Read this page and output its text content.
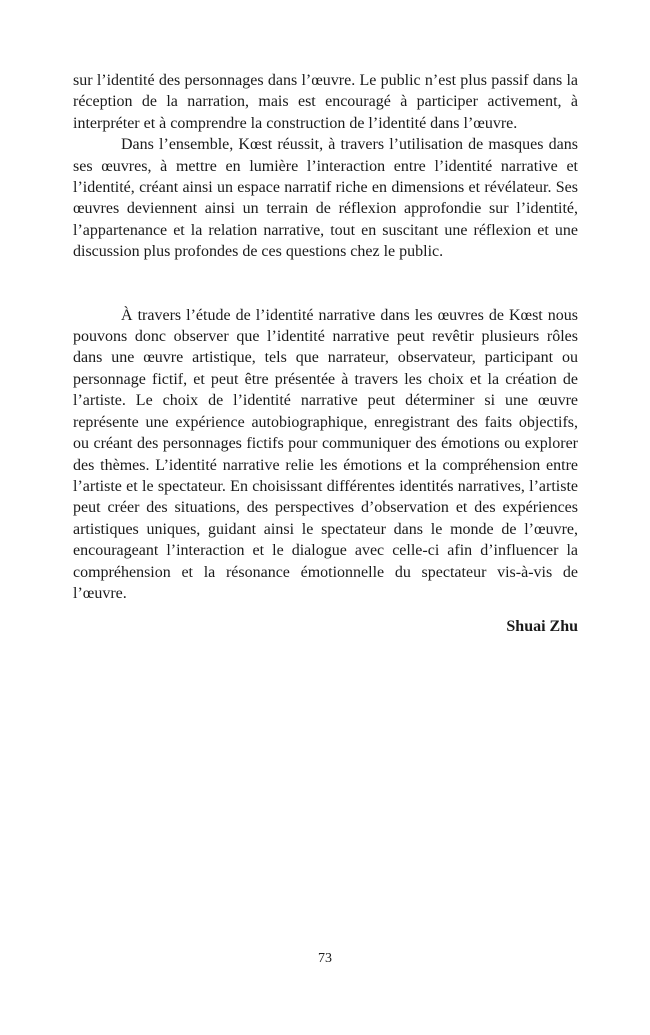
sur l’identité des personnages dans l’œuvre. Le public n’est plus passif dans la réception de la narration, mais est encouragé à participer activement, à interpréter et à comprendre la construction de l’identité dans l’œuvre.

Dans l’ensemble, Kœst réussit, à travers l’utilisation de masques dans ses œuvres, à mettre en lumière l’interaction entre l’identité narrative et l’identité, créant ainsi un espace narratif riche en dimensions et révélateur. Ses œuvres deviennent ainsi un terrain de réflexion approfondie sur l’identité, l’appartenance et la relation narrative, tout en suscitant une réflexion et une discussion plus profondes de ces questions chez le public.

À travers l’étude de l’identité narrative dans les œuvres de Kœst nous pouvons donc observer que l’identité narrative peut revêtir plusieurs rôles dans une œuvre artistique, tels que narrateur, observateur, participant ou personnage fictif, et peut être présentée à travers les choix et la création de l’artiste. Le choix de l’identité narrative peut déterminer si une œuvre représente une expérience autobiographique, enregistrant des faits objectifs, ou créant des personnages fictifs pour communiquer des émotions ou explorer des thèmes. L’identité narrative relie les émotions et la compréhension entre l’artiste et le spectateur. En choisissant différentes identités narratives, l’artiste peut créer des situations, des perspectives d’observation et des expériences artistiques uniques, guidant ainsi le spectateur dans le monde de l’œuvre, encourageant l’interaction et le dialogue avec celle-ci afin d’influencer la compréhension et la résonance émotionnelle du spectateur vis-à-vis de l’œuvre.

Shuai Zhu

73
